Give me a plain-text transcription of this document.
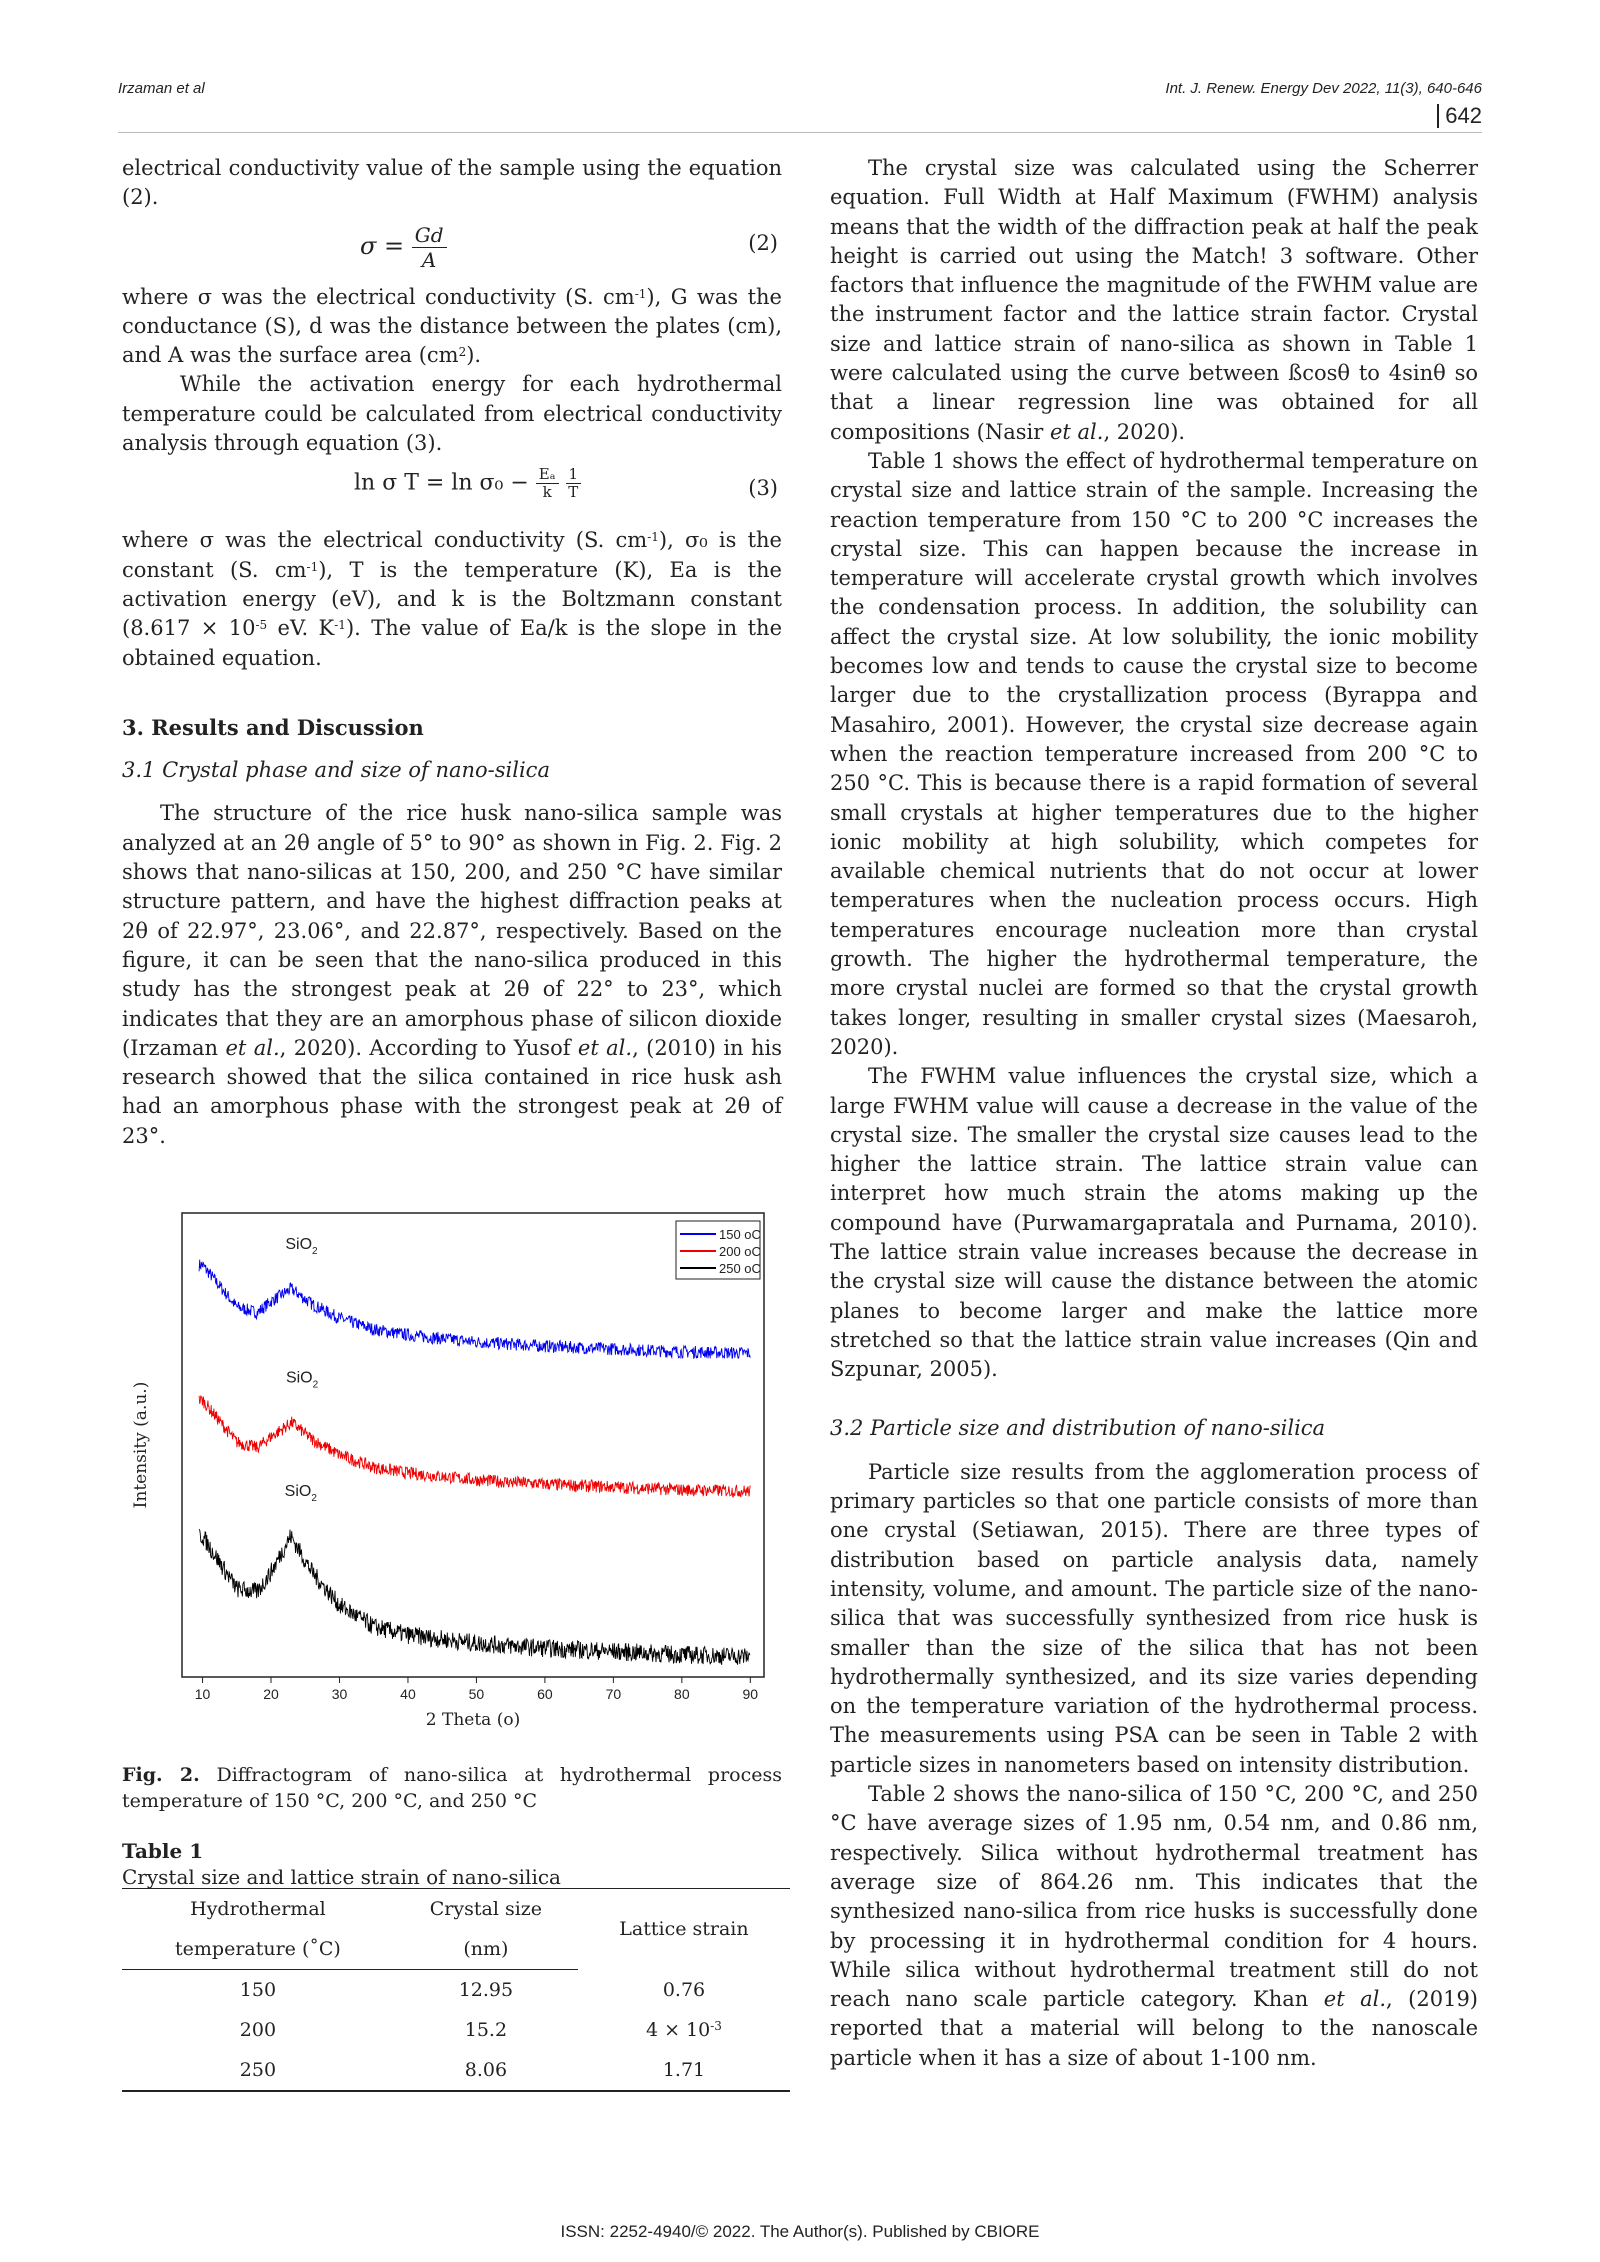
Irzaman et al	Int. J. Renew. Energy Dev 2022, 11(3), 640-646
642

electrical conductivity value of the sample using the equation (2).

$\sigma = \frac{Gd}{A}$	(2)

where σ was the electrical conductivity (S. $cm^{-1}$), G was the conductance (S), d was the distance between the plates (cm), and A was the surface area $(cm^2)$.

While the activation energy for each hydrothermal temperature could be calculated from electrical conductivity analysis through equation (3).

ln σ $T = \ln \sigma_0 - \frac{\text{Eₐ}}{k}$
$\frac{1}{T}$	(3)

where σ was the electrical conductivity (S. $cm^{-1}$), σ₀ is the constant (S. $cm^{-1}$), T is the temperature (K), Ea is the activation energy (eV), and k is the Boltzmann constant ($8.617 \times 10^{-5}$ eV. $K^{-1}$). The value of Ea/k is the slope in the obtained equation.

3. Results and Discussion

3.1 Crystal phase and size of nano-silica

The structure of the rice husk nano-silica sample was analyzed at an 2θ angle of 5° to 90° as shown in Fig. 2. Fig. 2 shows that nano-silicas at 150, 200, and 250 °C have similar structure pattern, and have the highest diffraction peaks at 2θ of 22.97°, 23.06°, and 22.87°, respectively. Based on the figure, it can be seen that the nano-silica produced in this study has the strongest peak at 2θ of 22° to 23°, which indicates that they are an amorphous phase of silicon dioxide (Irzaman et al., 2020). According to Yusof et al., (2010) in his research showed that the silica contained in rice husk ash had an amorphous phase with the strongest peak at 2θ of 23°.

10	20	30	40	50	60	70	80	90
2 Theta (o)
Intensity (a.u.)
SiO$_2$
SiO$_2$
SiO$_2$
150 oC
200 oC
250 oC
Fig. 2. Diffractogram of nano-silica at hydrothermal process temperature of 150 °C, 200 °C, and 250 °C
Table 1
Crystal size and lattice strain of nano-silica
Hydrothermal	Crystal size	Lattice strain
temperature (˚C)	(nm)	
150	12.95	0.76
200	15.2	$4 \times 10^{-3}$
250	8.06	1.71

The crystal size was calculated using the Scherrer equation. Full Width at Half Maximum (FWHM) analysis means that the width of the diffraction peak at half the peak height is carried out using the Match! 3 software. Other factors that influence the magnitude of the FWHM value are the instrument factor and the lattice strain factor. Crystal size and lattice strain of nano-silica as shown in Table 1 were calculated using the curve between ßcosθ to 4sinθ so that a linear regression line was obtained for all compositions (Nasir et al., 2020).

Table 1 shows the effect of hydrothermal temperature on crystal size and lattice strain of the sample. Increasing the reaction temperature from 150 °C to 200 °C increases the crystal size. This can happen because the increase in temperature will accelerate crystal growth which involves the condensation process. In addition, the solubility can affect the crystal size. At low solubility, the ionic mobility becomes low and tends to cause the crystal size to become larger due to the crystallization process (Byrappa and Masahiro, 2001). However, the crystal size decrease again when the reaction temperature increased from 200 °C to 250 °C. This is because there is a rapid formation of several small crystals at higher temperatures due to the higher ionic mobility at high solubility, which competes for available chemical nutrients that do not occur at lower temperatures when the nucleation process occurs. High temperatures encourage nucleation more than crystal growth. The higher the hydrothermal temperature, the more crystal nuclei are formed so that the crystal growth takes longer, resulting in smaller crystal sizes (Maesaroh, 2020).

The FWHM value influences the crystal size, which a large FWHM value will cause a decrease in the value of the crystal size. The smaller the crystal size causes lead to the higher the lattice strain. The lattice strain value can interpret how much strain the atoms making up the compound have (Purwamargapratala and Purnama, 2010). The lattice strain value increases because the decrease in the crystal size will cause the distance between the atomic planes to become larger and make the lattice more stretched so that the lattice strain value increases (Qin and Szpunar, 2005).

3.2 Particle size and distribution of nano-silica

Particle size results from the agglomeration process of primary particles so that one particle consists of more than one crystal (Setiawan, 2015). There are three types of distribution based on particle analysis data, namely intensity, volume, and amount. The particle size of the nano-silica that was successfully synthesized from rice husk is smaller than the size of the silica that has not been hydrothermally synthesized, and its size varies depending on the temperature variation of the hydrothermal process. The measurements using PSA can be seen in Table 2 with particle sizes in nanometers based on intensity distribution.

Table 2 shows the nano-silica of 150 °C, 200 °C, and 250 °C have average sizes of 1.95 nm, 0.54 nm, and 0.86 nm, respectively. Silica without hydrothermal treatment has average size of 864.26 nm. This indicates that the synthesized nano-silica from rice husks is successfully done by processing it in hydrothermal condition for 4 hours. While silica without hydrothermal treatment still do not reach nano scale particle category. Khan et al., (2019) reported that a material will belong to the nanoscale particle when it has a size of about 1-100 nm.

ISSN: 2252-4940/© 2022. The Author(s). Published by CBIORE
